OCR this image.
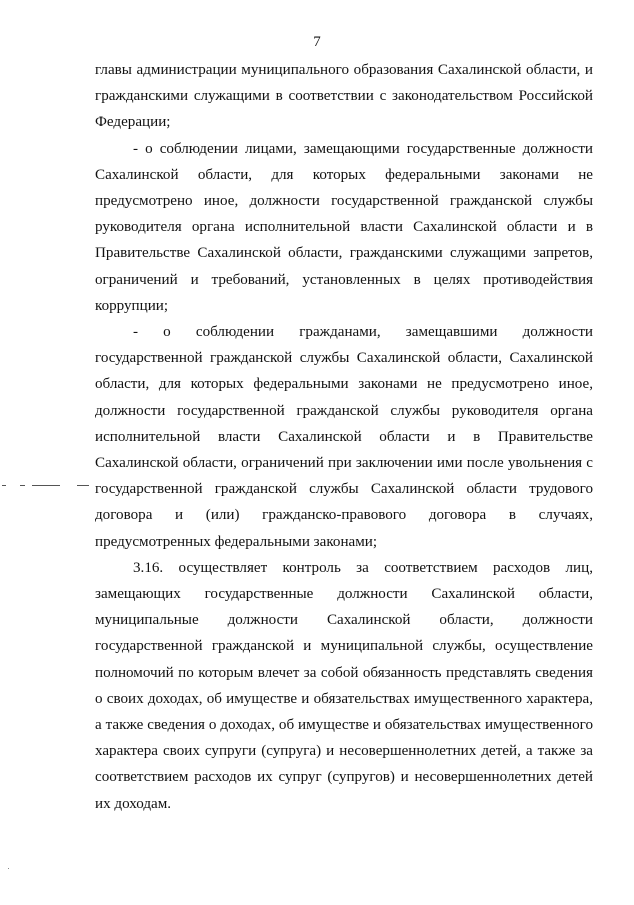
7

главы администрации муниципального образования Сахалинской области, и гражданскими служащими в соответствии с законодательством Российской Федерации;

- о соблюдении лицами, замещающими государственные должности Сахалинской области, для которых федеральными законами не предусмотрено иное, должности государственной гражданской службы руководителя органа исполнительной власти Сахалинской области и в Правительстве Сахалинской области, гражданскими служащими запретов, ограничений и требований, установленных в целях противодействия коррупции;

- о соблюдении гражданами, замещавшими должности государственной гражданской службы Сахалинской области, Сахалинской области, для которых федеральными законами не предусмотрено иное, должности государственной гражданской службы руководителя органа исполнительной власти Сахалинской области и в Правительстве Сахалинской области, ограничений при заключении ими после увольнения с государственной гражданской службы Сахалинской области трудового договора и (или) гражданско-правового договора в случаях, предусмотренных федеральными законами;

3.16. осуществляет контроль за соответствием расходов лиц, замещающих государственные должности Сахалинской области, муниципальные должности Сахалинской области, должности государственной гражданской и муниципальной службы, осуществление полномочий по которым влечет за собой обязанность представлять сведения о своих доходах, об имуществе и обязательствах имущественного характера, а также сведения о доходах, об имуществе и обязательствах имущественного характера своих супруги (супруга) и несовершеннолетних детей, а также за соответствием расходов их супруг (супругов) и несовершеннолетних детей их доходам.
